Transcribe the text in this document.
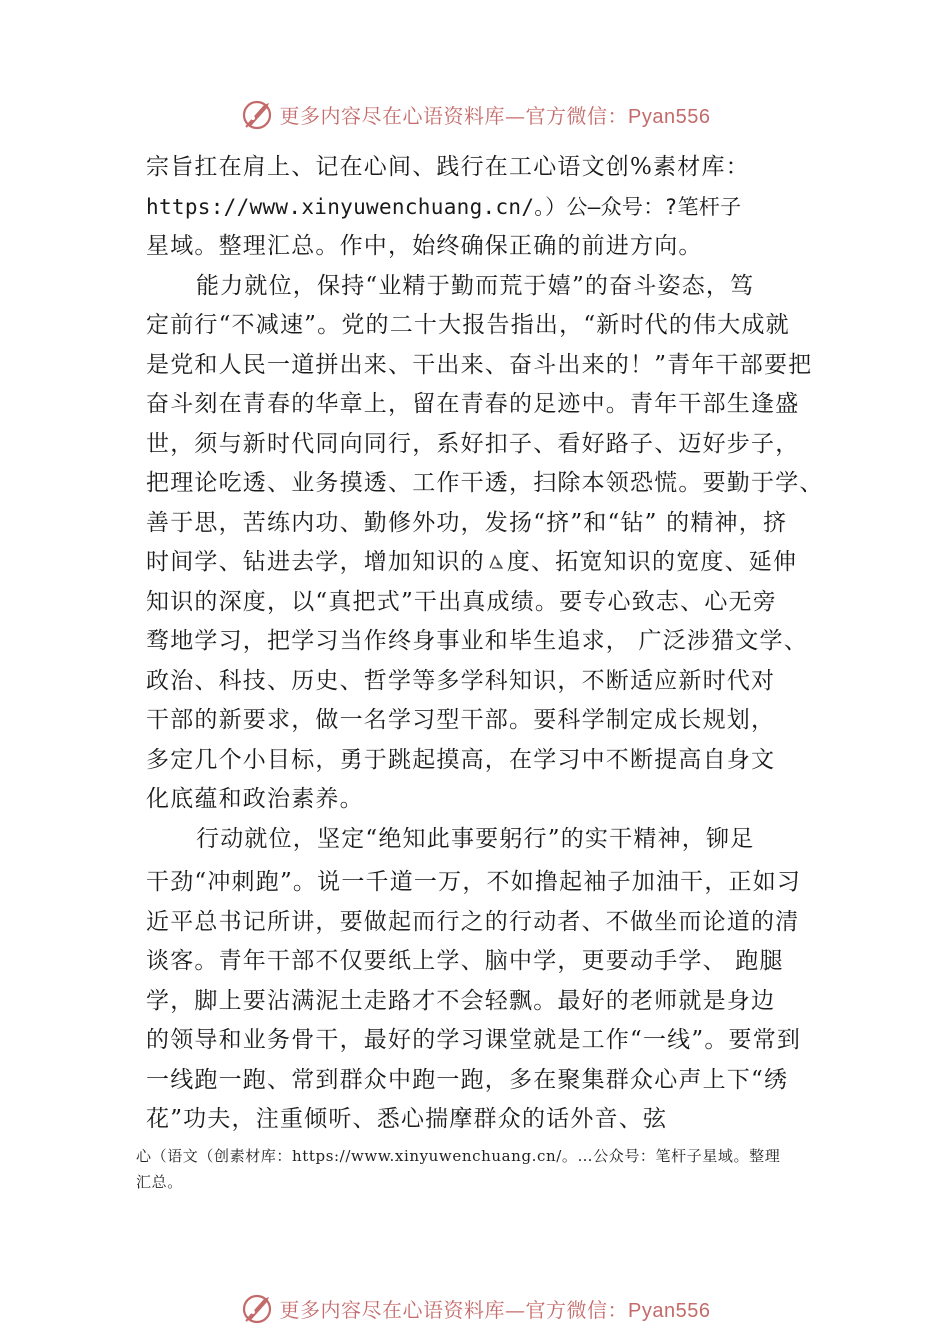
更多内容尽在心语资料库—官方微信：Pyan556
宗旨扛在肩上、记在心间、践行在工心语文创%素材库：
https://www.xinyuwenchuang.cn/。）公—众号：?笔杆子
星域。整理汇总。作中，始终确保正确的前进方向。
能力就位，保持“业精于勤而荒于嬉”的奋斗姿态，笃
定前行“不减速”。党的二十大报告指出，“新时代的伟大成就
是党和人民一道拼出来、干出来、奋斗出来的！”青年干部要把
奋斗刻在青春的华章上，留在青春的足迹中。青年干部生逢盛
世，须与新时代同向同行，系好扣子、看好路子、迈好步子，
把理论吃透、业务摸透、工作干透，扫除本领恐慌。要勤于学、
善于思，苦练内功、勤修外功，发扬“挤”和“钻” 的精神，挤
时间学、钻进去学，增加知识的 度、拓宽知识的宽度、延伸
知识的深度，以“真把式”干出真成绩。要专心致志、心无旁
骛地学习，把学习当作终身事业和毕生追求， 广泛涉猎文学、
政治、科技、历史、哲学等多学科知识，不断适应新时代对
干部的新要求，做一名学习型干部。要科学制定成长规划，
多定几个小目标，勇于跳起摸高，在学习中不断提高自身文
化底蕴和政治素养。
行动就位，坚定“绝知此事要躬行”的实干精神，铆足
干劲“冲刺跑”。说一千道一万，不如撸起袖子加油干，正如习
近平总书记所讲，要做起而行之的行动者、不做坐而论道的清
谈客。青年干部不仅要纸上学、脑中学，更要动手学、 跑腿
学，脚上要沾满泥土走路才不会轻飘。最好的老师就是身边
的领导和业务骨干，最好的学习课堂就是工作“一线”。要常到
一线跑一跑、常到群众中跑一跑，多在聚集群众心声上下“绣
花”功夫，注重倾听、悉心揣摩群众的话外音、弦
心（语文（创素材库：https://www.xinyuwenchuang.cn/。…公众号：笔杆子星域。整理
汇总。
更多内容尽在心语资料库—官方微信：Pyan556
